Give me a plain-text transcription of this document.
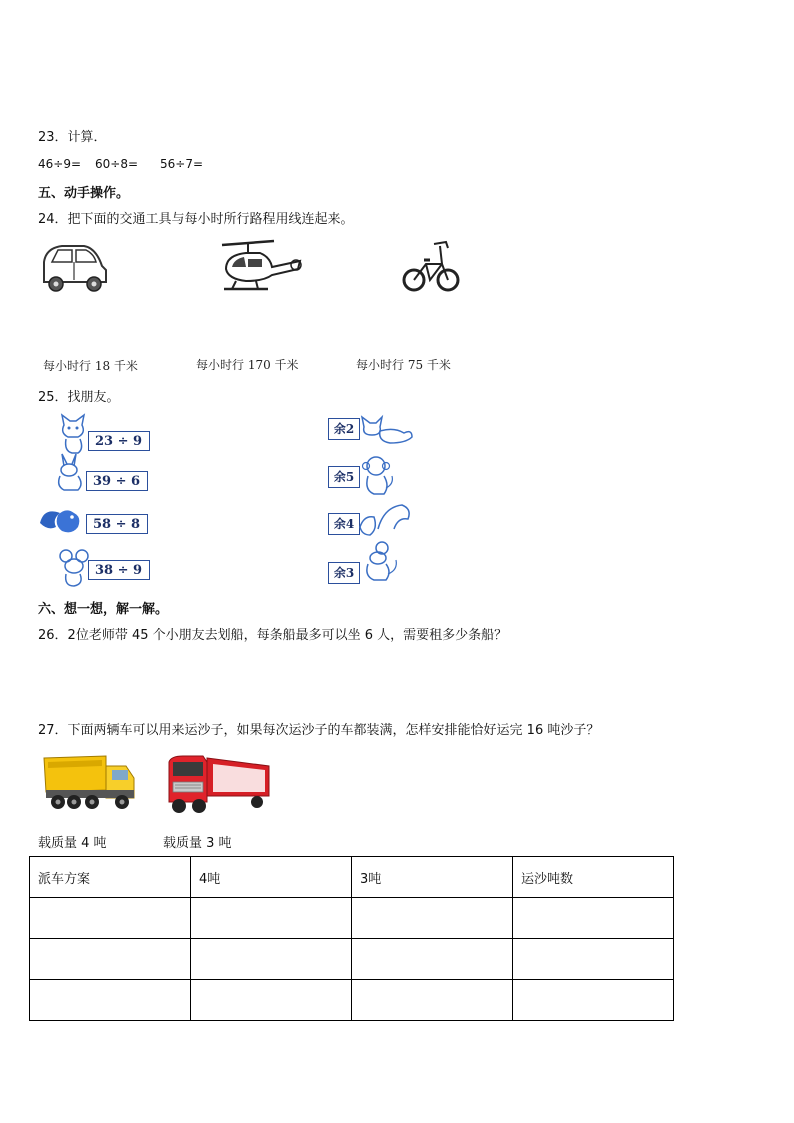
23．计算．
46÷9= 60÷8= 56÷7=
五、动手操作。
24．把下面的交通工具与每小时所行路程用线连起来。
每小时行 18 千米	每小时行 170 千米	每小时行 75 千米
25．找朋友。
23 ÷ 9
39 ÷ 6
58 ÷ 8
38 ÷ 9
余2
余5
余4
余3
六、想一想，解一解。
26．2位老师带 45 个小朋友去划船，每条船最多可以坐 6 人，需要租多少条船？
27．下面两辆车可以用来运沙子，如果每次运沙子的车都装满，怎样安排能恰好运完 16 吨沙子？
载质量 4 吨	载质量 3 吨
派车方案	4吨	3吨	运沙吨数
